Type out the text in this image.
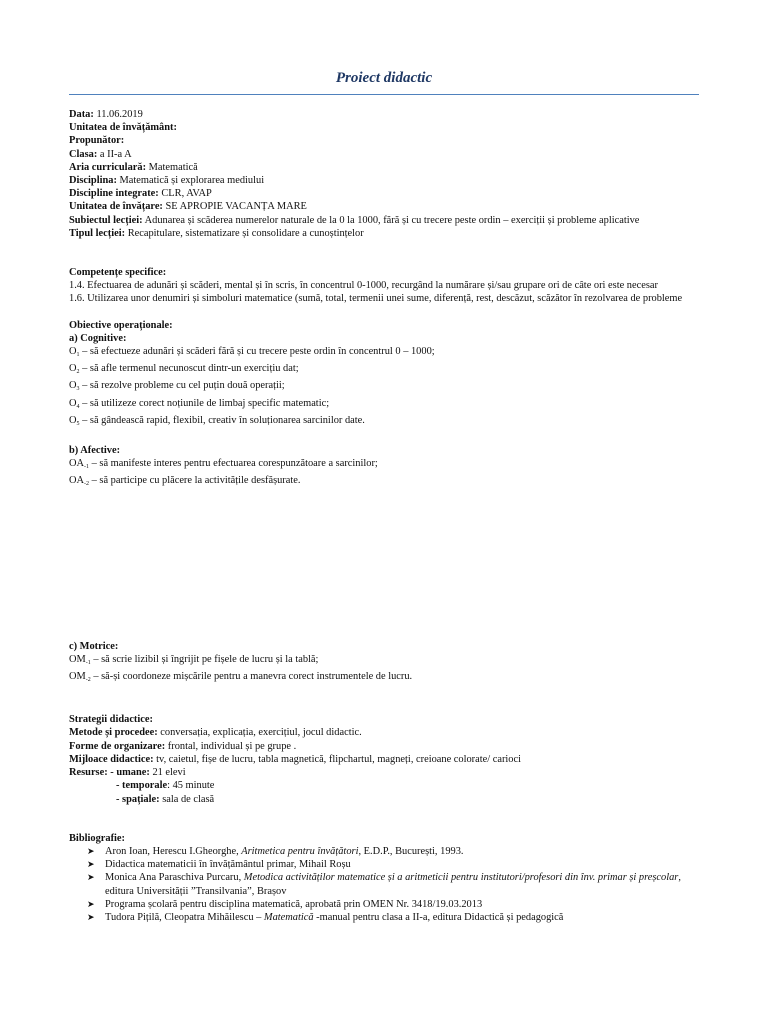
Proiect didactic
Data: 11.06.2019
Unitatea de învățământ:
Propunător:
Clasa: a II-a A
Aria curriculară: Matematică
Disciplina: Matematică și explorarea mediului
Discipline integrate: CLR, AVAP
Unitatea de învățare: SE APROPIE VACANȚA MARE
Subiectul lecției: Adunarea și scăderea numerelor naturale de la 0 la 1000, fără și cu trecere peste ordin – exerciții și probleme aplicative
Tipul lecției: Recapitulare, sistematizare și consolidare a cunoștințelor
Competențe specifice:
1.4. Efectuarea de adunări și scăderi, mental și în scris, în concentrul 0-1000, recurgând la numărare și/sau grupare ori de câte ori este necesar
1.6. Utilizarea unor denumiri și simboluri matematice (sumă, total, termenii unei sume, diferență, rest, descăzut, scăzător în rezolvarea de probleme
Obiective operaționale:
a) Cognitive:
$O_1$ – să efectueze adunări și scăderi fără și cu trecere peste ordin în concentrul 0 – 1000;
$O_2$ – să afle termenul necunoscut dintr-un exercițiu dat;
$O_3$ – să rezolve probleme cu cel puțin două operații;
$O_4$ – să utilizeze corect noțiunile de limbaj specific matematic;
$O_5$ – să gândească rapid, flexibil, creativ în soluționarea sarcinilor date.
b) Afective:
$OA_{-1}$ – să manifeste interes pentru efectuarea corespunzătoare a sarcinilor;
$OA_{-2}$ – să participe cu plăcere la activitățile desfășurate.
c) Motrice:
$OM_{-1}$ – să scrie lizibil și îngrijit pe fișele de lucru și la tablă;
$OM_{-2}$ – să-și coordoneze mișcările pentru a manevra corect instrumentele de lucru.
Strategii didactice:
Metode și procedee: conversația, explicația, exercițiul, jocul didactic.
Forme de organizare: frontal, individual și pe grupe .
Mijloace didactice: tv, caietul, fișe de lucru, tabla magnetică, flipchartul, magneți, creioane colorate/ carioci
Resurse: - umane: 21 elevi
- temporale: 45 minute
- spațiale: sala de clasă
Bibliografie:
➤ Aron Ioan, Herescu I.Gheorghe, Aritmetica pentru învățători, E.D.P., București, 1993.
➤ Didactica matematicii în învățământul primar, Mihail Roșu
➤ Monica Ana Paraschiva Purcaru, Metodica activităților matematice și a aritmeticii pentru institutori/profesori din înv. primar și preșcolar, editura Universității ”Transilvania”, Brașov
➤ Programa școlară pentru disciplina matematică, aprobată prin OMEN Nr. 3418/19.03.2013
➤ Tudora Pițilă, Cleopatra Mihăilescu – Matematică -manual pentru clasa a II-a, editura Didactică și pedagogică
